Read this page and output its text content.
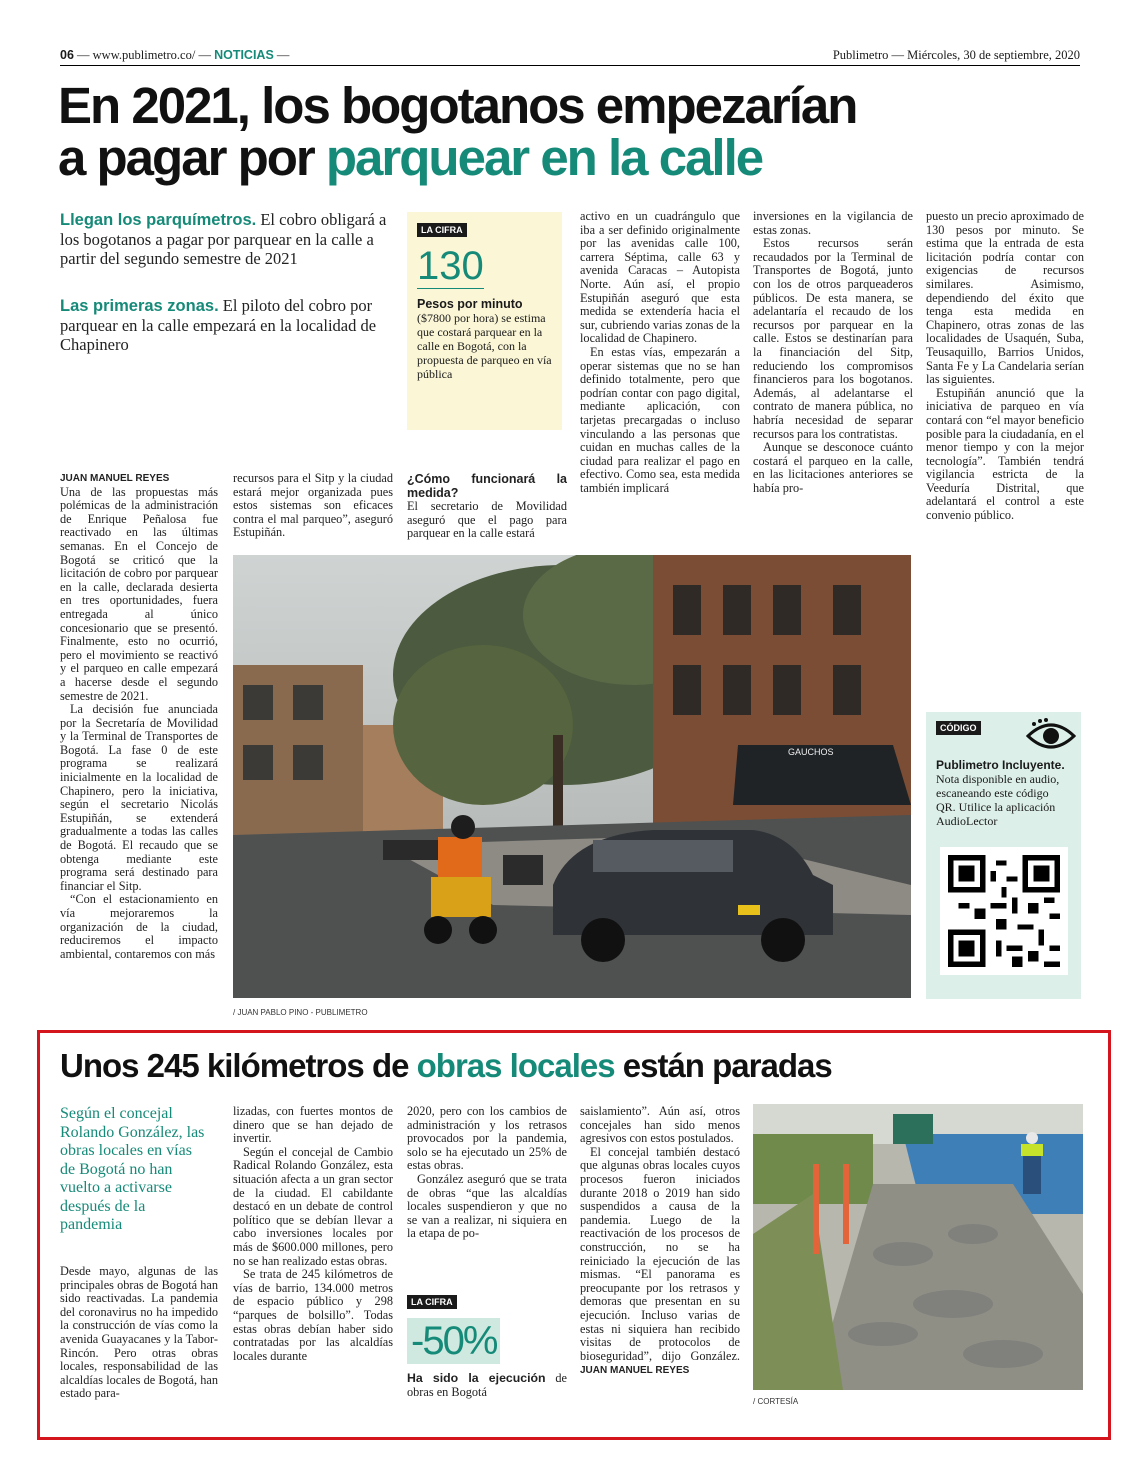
06 — www.publimetro.co/ — NOTICIAS —	Publimetro — Miércoles, 30 de septiembre, 2020
En 2021, los bogotanos empezarían
a pagar por parquear en la calle
Llegan los parquímetros. El cobro obligará a los bogotanos a pagar por parquear en la calle a partir del segundo semestre de 2021
Las primeras zonas. El piloto del cobro por parquear en la calle empezará en la localidad de Chapinero
LA CIFRA
130
Pesos por minuto
($7800 por hora) se estima que costará parquear en la calle en Bogotá, con la propuesta de parqueo en vía pública

activo en un cuadrángulo que iba a ser definido originalmente por las avenidas calle 100, carrera Séptima, calle 63 y avenida Caracas – Autopista Norte. Aún así, el propio Estupiñán aseguró que esta medida se extendería hacia el sur, cubriendo varias zonas de la localidad de Chapinero.

En estas vías, empezarán a operar sistemas que no se han definido totalmente, pero que podrían contar con pago digital, mediante aplicación, con tarjetas precargadas o incluso vinculando a las personas que cuidan en muchas calles de la ciudad para realizar el pago en efectivo. Como sea, esta medida también implicará

inversiones en la vigilancia de estas zonas.

Estos recursos serán recaudados por la Terminal de Transportes de Bogotá, junto con los de otros parqueaderos públicos. De esta manera, se adelantaría el recaudo de los recursos por parquear en la calle. Estos se destinarían para la financiación del Sitp, reduciendo los compromisos financieros para los bogotanos. Además, al adelantarse el contrato de manera pública, no habría necesidad de separar recursos para los contratistas.

Aunque se desconoce cuánto costará el parqueo en la calle, en las licitaciones anteriores se había pro-

puesto un precio aproximado de 130 pesos por minuto. Se estima que la entrada de esta licitación podría contar con exigencias de recursos similares. Asimismo, dependiendo del éxito que tenga esta medida en Chapinero, otras zonas de las localidades de Usaquén, Suba, Teusaquillo, Barrios Unidos, Santa Fe y La Candelaria serían las siguientes.

Estupiñán anunció que la iniciativa de parqueo en vía contará con “el mayor beneficio posible para la ciudadanía, en el menor tiempo y con la mejor tecnología”. También tendrá vigilancia estricta de la Veeduría Distrital, que adelantará el control a este convenio público.

JUAN MANUEL REYES

Una de las propuestas más polémicas de la administración de Enrique Peñalosa fue reactivado en las últimas semanas. En el Concejo de Bogotá se criticó que la licitación de cobro por parquear en la calle, declarada desierta en tres oportunidades, fuera entregada al único concesionario que se presentó. Finalmente, esto no ocurrió, pero el movimiento se reactivó y el parqueo en calle empezará a hacerse desde el segundo semestre de 2021.

La decisión fue anunciada por la Secretaría de Movilidad y la Terminal de Transportes de Bogotá. La fase 0 de este programa se realizará inicialmente en la localidad de Chapinero, pero la iniciativa, según el secretario Nicolás Estupiñán, se extenderá gradualmente a todas las calles de Bogotá. El recaudo que se obtenga mediante este programa será destinado para financiar el Sitp.

“Con el estacionamiento en vía mejoraremos la organización de la ciudad, reduciremos el impacto ambiental, contaremos con más

recursos para el Sitp y la ciudad estará mejor organizada pues estos sistemas son eficaces contra el mal parqueo”, aseguró Estupiñán.

¿Cómo funcionará la medida?

El secretario de Movilidad aseguró que el pago para parquear en la calle estará

GAUCHOS
/ JUAN PABLO PINO - PUBLIMETRO
CÓDIGO
Publimetro Incluyente. Nota disponible en audio, escaneando este código QR. Utilice la aplicación AudioLector
Unos 245 kilómetros de obras locales están paradas
Según el concejal Rolando González, las obras locales en vías de Bogotá no han vuelto a activarse después de la pandemia

Desde mayo, algunas de las principales obras de Bogotá han sido reactivadas. La pandemia del coronavirus no ha impedido la construcción de vías como la avenida Guayacanes y la Tabor-Rincón. Pero otras obras locales, responsabilidad de las alcaldías locales de Bogotá, han estado para-

lizadas, con fuertes montos de dinero que se han dejado de invertir.

Según el concejal de Cambio Radical Rolando González, esta situación afecta a un gran sector de la ciudad. El cabildante destacó en un debate de control político que se debían llevar a cabo inversiones locales por más de $600.000 millones, pero no se han realizado estas obras.

Se trata de 245 kilómetros de vías de barrio, 134.000 metros de espacio público y 298 “parques de bolsillo”. Todas estas obras debían haber sido contratadas por las alcaldías locales durante

2020, pero con los cambios de administración y los retrasos provocados por la pandemia, solo se ha ejecutado un 25% de estas obras.

González aseguró que se trata de obras “que las alcaldías locales suspendieron y que no se van a realizar, ni siquiera en la etapa de po-

LA CIFRA
-50%
Ha sido la ejecución de obras en Bogotá

saislamiento”. Aún así, otros concejales han sido menos agresivos con estos postulados.

El concejal también destacó que algunas obras locales cuyos procesos fueron iniciados durante 2018 o 2019 han sido suspendidos a causa de la pandemia. Luego de la reactivación de los procesos de construcción, no se ha reiniciado la ejecución de las mismas. “El panorama es preocupante por los retrasos y demoras que presentan en su ejecución. Incluso varias de estas ni siquiera han recibido visitas de protocolos de bioseguridad”, dijo González. JUAN MANUEL REYES

/ CORTESÍA
